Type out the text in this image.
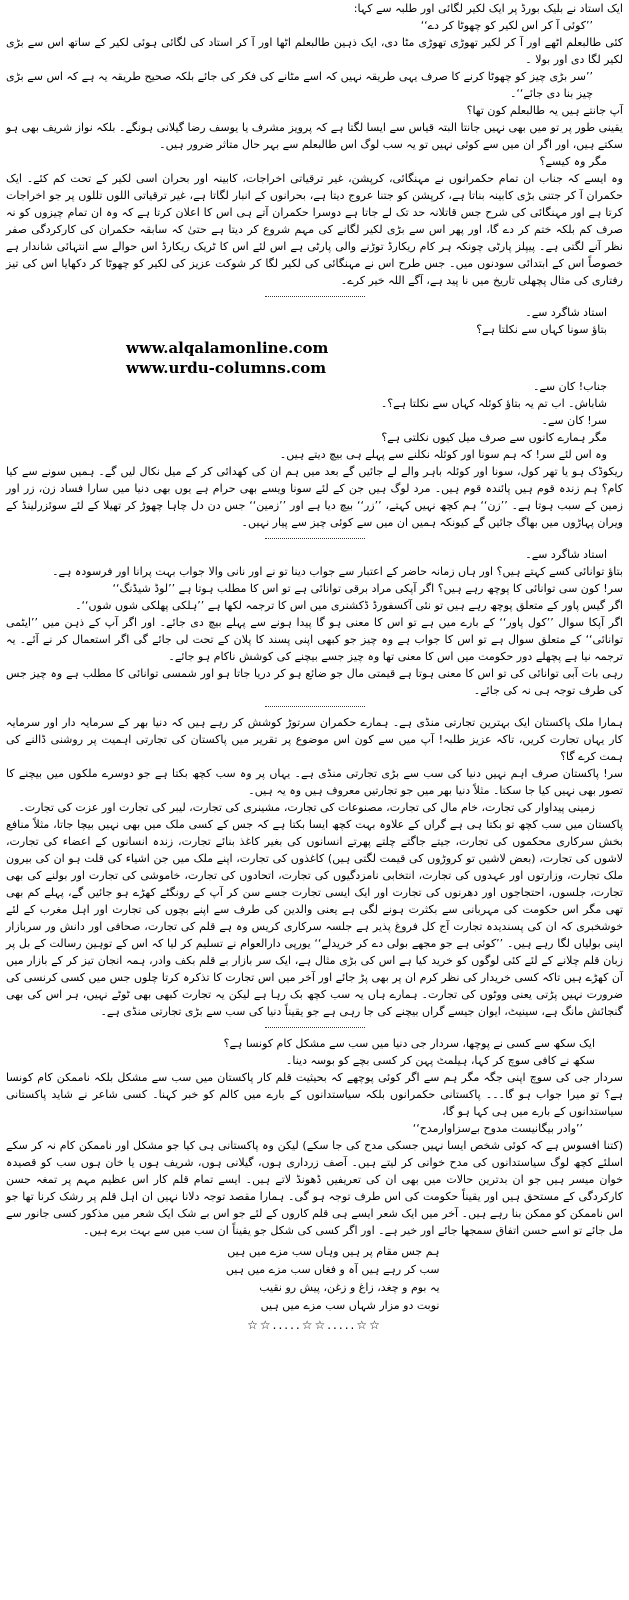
ایک استاد نے بلیک بورڈ پر ایک لکیر لگائی اور طلبہ سے کہا:

’’کوئی آ کر اس لکیر کو چھوٹا کر دے‘‘

کئی طالبعلم اٹھے اور آ کر لکیر تھوڑی تھوڑی مٹا دی، ایک ذہین طالبعلم اٹھا اور آ کر استاد کی لگائی ہوئی لکیر کے ساتھ اس سے بڑی لکیر لگا دی اور بولا ۔

’’سر بڑی چیز کو چھوٹا کرنے کا صرف یہی طریقہ نہیں کہ اسے مٹانے کی فکر کی جائے بلکہ صحیح طریقہ یہ ہے کہ اس سے بڑی چیز بنا دی جائے‘‘۔

آپ جانتے ہیں یہ طالبعلم کون تھا؟

یقینی طور پر تو میں بھی نہیں جانتا البتہ قیاس سے ایسا لگتا ہے کہ پرویز مشرف یا یوسف رضا گیلانی ہونگے۔ بلکہ نواز شریف بھی ہو سکتے ہیں، اور اگر ان میں سے کوئی نہیں تو یہ سب لوگ اس طالبعلم سے بہر حال متاثر ضرور ہیں۔

مگر وہ کیسے؟

وہ ایسے کہ جناب ان تمام حکمرانوں نے مہنگائی، کرپشن، غیر ترقیاتی اخراجات، کابینہ اور بحران اسی لکیر کے تحت کم کئے۔ ایک حکمران آ کر جتنی بڑی کابینہ بناتا ہے، کرپشن کو جتنا عروج دیتا ہے، بحرانوں کے انبار لگاتا ہے، غیر ترقیاتی اللوں تللوں پر جو اخراجات کرتا ہے اور مہنگائی کی شرح جس قاتلانہ حد تک لے جاتا ہے دوسرا حکمران آتے ہی اس کا اعلان کرتا ہے کہ وہ ان تمام چیزوں کو نہ صرف کم بلکہ ختم کر دے گا، اور پھر اس سے بڑی لکیر لگانے کی مہم شروع کر دیتا ہے حتیٰ کہ سابقہ حکمران کی کارکردگی صفر نظر آنے لگتی ہے۔ پیپلز پارٹی چونکہ ہر کام ریکارڈ توڑنے والی پارٹی ہے اس لئے اس کا ٹریک ریکارڈ اس حوالے سے انتہائی شاندار ہے خصوصاً اس کے ابتدائی سودنوں میں۔ جس طرح اس نے مہنگائی کی لکیر لگا کر شوکت عزیز کی لکیر کو چھوٹا کر دکھایا اس کی تیز رفتاری کی مثال پچھلی تاریخ میں نا پید ہے، آگے اللہ خیر کرے۔

استاد شاگرد سے۔

بتاؤ سونا کہاں سے نکلتا ہے؟

www.alqalamonline.com

www.urdu-columns.com

جناب! کان سے۔

شاباش۔ اب تم یہ بتاؤ کوئلہ کہاں سے نکلتا ہے؟۔

سر! کان سے۔

مگر ہمارے کانوں سے صرف میل کیوں نکلتی ہے؟

وہ اس لئے سر! کہ ہم سونا اور کوئلہ نکلنے سے پہلے ہی بیچ دیتے ہیں۔

ریکوڈک ہو یا تھر کول، سونا اور کوئلہ باہر والے لے جائیں گے بعد میں ہم ان کی کھدائی کر کے میل نکال لیں گے۔ ہمیں سونے سے کیا کام؟ ہم زندہ قوم ہیں پائندہ قوم ہیں۔ مرد لوگ ہیں جن کے لئے سونا ویسے بھی حرام ہے یوں بھی دنیا میں سارا فساد زن، زر اور زمین کے سبب ہوتا ہے۔ ’’زن‘‘ ہم کچھ نہیں کہتے، ’’زر‘‘ بیچ دیا ہے اور ’’زمین‘‘ جس دن دل چاہا چھوڑ کر تھیلا کے لئے سوئزرلینڈ کے ویران پہاڑوں میں بھاگ جائیں گے کیونکہ ہمیں ان میں سے کوئی چیز سے پیار نہیں۔

استاد شاگرد سے۔

بتاؤ توانائی کسے کہتے ہیں؟ اور ہاں زمانہ حاضر کے اعتبار سے جواب دینا تو نے اور نانی والا جواب بہت پرانا اور فرسودہ ہے۔

سر! کون سی توانائی کا پوچھ رہے ہیں؟ اگر آپکی مراد برقی توانائی ہے تو اس کا مطلب ہوتا ہے ’’لوڈ شیڈنگ‘‘

اگر گیس پاور کے متعلق پوچھ رہے ہیں تو نئی آکسفورڈ ڈکشنری میں اس کا ترجمہ لکھا ہے ’’ہلکی پھلکی شوں شوں‘‘۔

اگر آپکا سوال ’’کول پاور‘‘ کے بارے میں ہے تو اس کا معنی ہو گا پیدا ہونے سے پہلے بیچ دی جائے۔ اور اگر آپ کے ذہن میں ’’ایٹمی توانائی‘‘ کے متعلق سوال ہے تو اس کا جواب ہے وہ چیز جو کبھی اپنی پسند کا پلان کے تحت لی جائے گی اگر استعمال کر نے آئے۔ یہ ترجمہ نیا ہے پچھلے دور حکومت میں اس کا معنی تھا وہ چیز جسے بیچنے کی کوشش ناکام ہو جائے۔

رہی بات آبی توانائی کی تو اس کا معنی ہوتا ہے قیمتی مال جو ضائع ہو کر دریا جاتا ہو اور شمسی توانائی کا مطلب ہے وہ چیز جس کی طرف توجہ ہی نہ کی جائے۔

ہمارا ملک پاکستان ایک بہترین تجارتی منڈی ہے۔ ہمارے حکمران سرتوڑ کوشش کر رہے ہیں کہ دنیا بھر کے سرمایہ دار اور سرمایہ کار یہاں تجارت کریں، تاکہ عزیز طلبہ! آپ میں سے کون اس موضوع پر تقریر میں پاکستان کی تجارتی اہمیت پر روشنی ڈالنے کی ہمت کرے گا؟

سر! پاکستان صرف اہم نہیں دنیا کی سب سے بڑی تجارتی منڈی ہے۔ یہاں پر وہ سب کچھ بکتا ہے جو دوسرے ملکوں میں بیچنے کا تصور بھی نہیں کیا جا سکتا۔ مثلاً دنیا بھر میں جو تجارتیں معروف ہیں وہ یہ ہیں۔

زمینی پیداوار کی تجارت، خام مال کی تجارت، مصنوعات کی تجارت، مشینری کی تجارت، لیبر کی تجارت اور عزت کی تجارت۔

پاکستان میں سب کچھ تو بکتا ہی ہے گراں کے علاوہ بہت کچھ ایسا بکتا ہے کہ جس کے کسی ملک میں بھی نہیں بیچا جاتا، مثلاً منافع بخش سرکاری محکموں کی تجارت، جیتے جاگتے چلتے پھرتے انسانوں کی بغیر کاغذ بنائے تجارت، زندہ انسانوں کے اعضاء کی تجارت، لاشوں کی تجارت، (بعض لاشیں تو کروڑوں کی قیمت لگتی ہیں) کاغذوں کی تجارت، اپنے ملک میں جن اشیاء کی قلت ہو ان کی بیرون ملک تجارت، وزارتوں اور عہدوں کی تجارت، انتخابی نامزدگیوں کی تجارت، اتحادوں کی تجارت، خاموشی کی تجارت اور بولنے کی بھی تجارت، جلسوں، احتجاجوں اور دھرنوں کی تجارت اور ایک ایسی تجارت جسے سن کر آپ کے رونگٹے کھڑے ہو جائیں گے، پہلے کم بھی تھی مگر اس حکومت کی مہربانی سے بکثرت ہونے لگی ہے یعنی والدین کی طرف سے اپنے بچوں کی تجارت اور اہل مغرب کے لئے خوشخبری کہ ان کی پسندیدہ تجارت آج کل فروغ پذیر ہے جلسہ سرکاری کریس وہ ہے قلم کی تجارت، صحافی اور دانش ور سربازار اپنی بولیاں لگا رہے ہیں۔ ’’کوئی ہے جو مجھے بولی دے کر خریدلے‘‘ یورپی دارالعوام نے تسلیم کر لیا کہ اس کے توہین رسالت کے بل پر زبان قلم چلانے کے لئے کئی لوگوں کو خرید کیا ہے اس کی بڑی مثال ہے، ایک سر بازار بے قلم بکف وادر، ہمہ انجان تیز کر کے بازار میں آن کھڑے ہیں تاکہ کسی خریدار کی نظر کرم ان پر بھی پڑ جائے اور آخر میں اس تجارت کا تذکرہ کرتا چلوں جس میں کسی کرنسی کی ضرورت نہیں پڑتی یعنی ووٹوں کی تجارت۔ ہمارے ہاں یہ سب کچھ بک رہا ہے لیکن یہ تجارت کبھی بھی ٹوٹے نہیں، ہر اس کی بھی گنجائش مانگ ہے، سینیٹ، ایوان جیسے گراں بیچنے کی جا رہی ہے جو یقیناً دنیا کی سب سے بڑی تجارتی منڈی ہے۔

ایک سکھ سے کسی نے پوچھا، سردار جی دنیا میں سب سے مشکل کام کونسا ہے؟

سکھ نے کافی سوچ کر کہا، ہیلمٹ پہن کر کسی بچے کو بوسہ دینا۔

سردار جی کی سوچ اپنی جگہ مگر ہم سے اگر کوئی پوچھے کہ بحیثیت قلم کار پاکستان میں سب سے مشکل بلکہ ناممکن کام کونسا ہے؟ تو میرا جواب ہو گا۔۔۔ پاکستانی حکمرانوں بلکہ سیاستدانوں کے بارے میں کالم کو خبر کہنا۔ کسی شاعر نے شاید پاکستانی سیاستدانوں کے بارے میں ہی کہا ہو گا،

’’وادر بیگانیست مدوح بےسزاوارمدح‘‘

(کتنا افسوس ہے کہ کوئی شخص ایسا نہیں جسکی مدح کی جا سکے) لیکن وہ پاکستانی ہی کیا جو مشکل اور ناممکن کام نہ کر سکے اسلئے کچھ لوگ سیاستدانوں کی مدح خوانی کر لیتے ہیں۔ آصف زرداری ہوں، گیلانی ہوں، شریف ہوں یا خان ہوں سب کو قصیدہ خوان میسر ہیں جو ان بدترین حالات میں بھی ان کی تعریفیں ڈھونڈ لاتے ہیں۔ ایسے تمام قلم کار اس عظیم مہم پر تمغہ حسن کارکردگی کے مستحق ہیں اور یقیناً حکومت کی اس طرف توجہ ہو گی۔ ہمارا مقصد توجہ دلانا نہیں ان اہل قلم پر رشک کرنا تھا جو اس ناممکن کو ممکن بنا رہے ہیں۔ آخر میں ایک شعر ایسے ہی قلم کاروں کے لئے جو اس بے شک ایک شعر میں مذکور کسی جانور سے مل جائے تو اسے حسن اتفاق سمجھا جائے اور خیر ہے۔ اور اگر کسی کی شکل جو یقیناً ان سب میں سے بہت برے ہیں۔

ہم جس مقام پر ہیں وہاں سب مزے میں ہیں

سب کر رہے ہیں آہ و فغاں سب مزے میں ہیں

یہ بوم و چغد، زاغ و زغن، پیش رو نقیب

نوبت دو مزار شہاں سب مزے میں ہیں

☆☆.....☆☆.....☆☆
